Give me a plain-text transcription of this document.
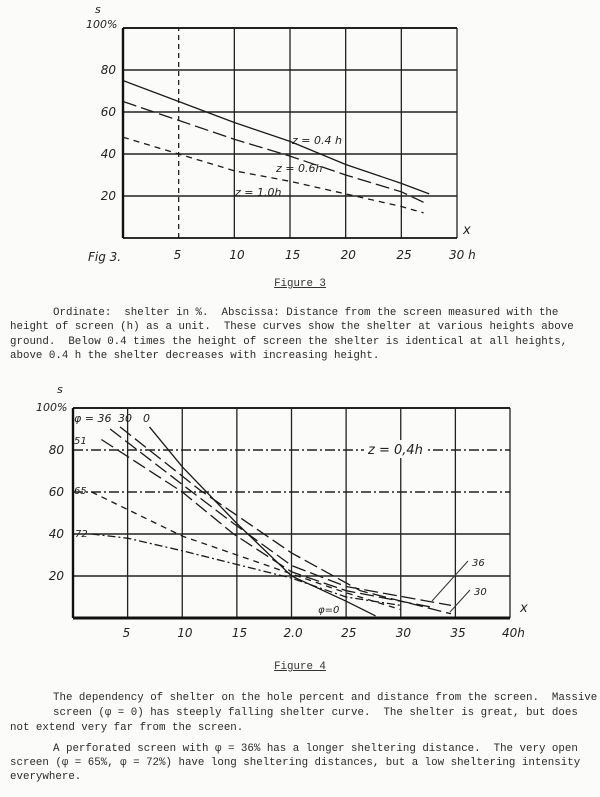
s
100%
x
Fig 3.
z = 0.4 h
z = 0.6h
z = 1.0h
5	10	15	20	25	30 h
20
40
60
80
s
100%
x
z = 0,4h
φ = 36 30 0
51
65
72
36
30
φ=0
5	10	15	2.0	25	30	35	40h
20
40
60
80
Figure 3
Ordinate:  shelter in %.  Abscissa: Distance from the screen measured with the
height of screen (h) as a unit.  These curves show the shelter at various heights above
ground.  Below 0.4 times the height of screen the shelter is identical at all heights,
above 0.4 h the shelter decreases with increasing height.
Figure 4
The dependency of shelter on the hole percent and distance from the screen.  Massive
screen (φ = 0) has steeply falling shelter curve.  The shelter is great, but does
not extend very far from the screen.
A perforated screen with φ = 36% has a longer sheltering distance.  The very open
screen (φ = 65%, φ = 72%) have long sheltering distances, but a low sheltering intensity
everywhere.
